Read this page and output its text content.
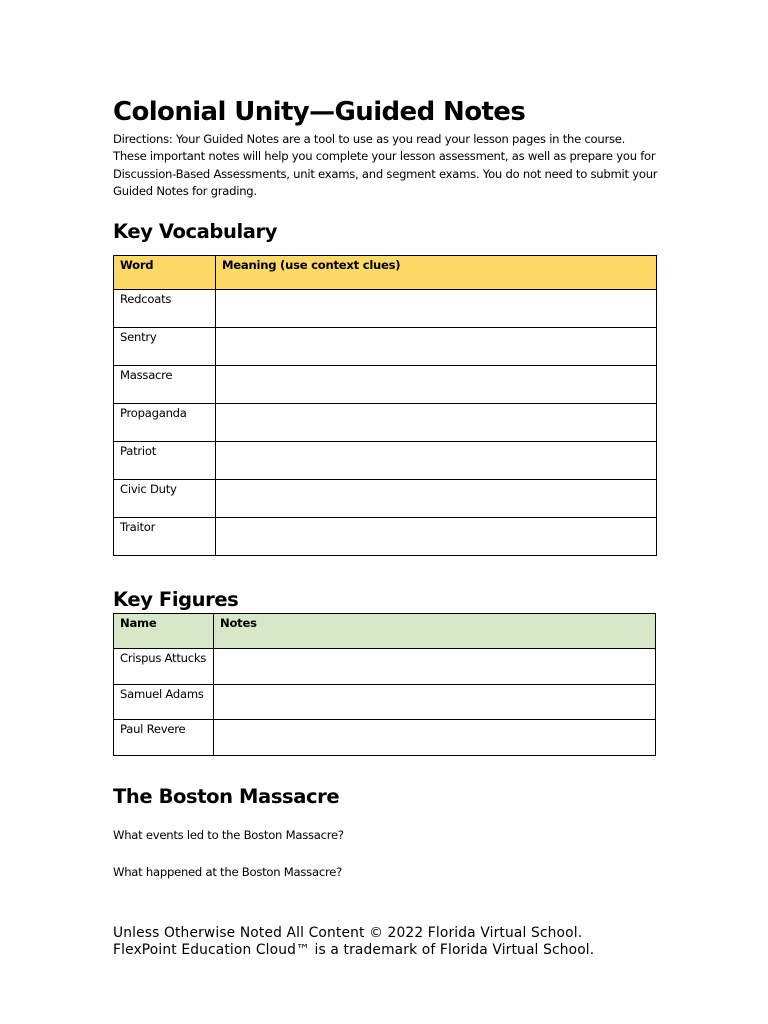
Colonial Unity—Guided Notes

Directions: Your Guided Notes are a tool to use as you read your lesson pages in the course. These important notes will help you complete your lesson assessment, as well as prepare you for Discussion-Based Assessments, unit exams, and segment exams. You do not need to submit your Guided Notes for grading.

Key Vocabulary
Word	Meaning (use context clues)

Redcoats	

Sentry	

Massacre	

Propaganda	

Patriot	

Civic Duty	

Traitor	

Key Figures
Name	Notes

Crispus Attucks	

Samuel Adams	

Paul Revere	

The Boston Massacre

What events led to the Boston Massacre?

What happened at the Boston Massacre?

Unless Otherwise Noted All Content © 2022 Florida Virtual School.
FlexPoint Education Cloud™ is a trademark of Florida Virtual School.
